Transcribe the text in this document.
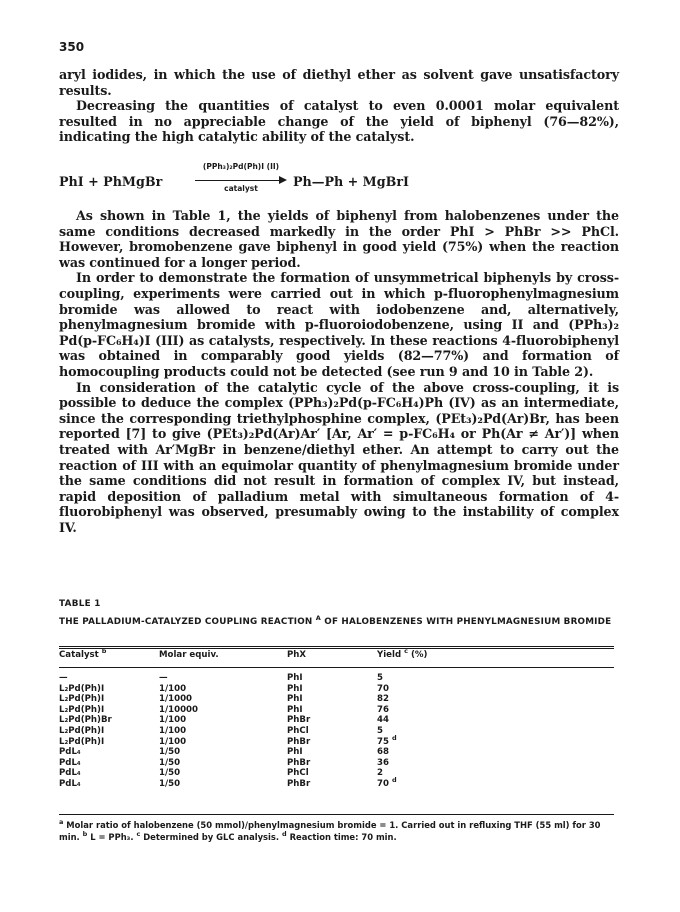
350

aryl iodides, in which the use of diethyl ether as solvent gave unsatisfactory results.

Decreasing the quantities of catalyst to even 0.0001 molar equivalent resulted in no appreciable change of the yield of biphenyl (76—82%), indicating the high catalytic ability of the catalyst.

PhI + PhMgBr
(PPh₃)₂Pd(Ph)I (II)
catalyst	Ph—Ph + MgBrI

As shown in Table 1, the yields of biphenyl from halobenzenes under the same conditions decreased markedly in the order PhI > PhBr >> PhCl. However, bromobenzene gave biphenyl in good yield (75%) when the reaction was continued for a longer period.

In order to demonstrate the formation of unsymmetrical biphenyls by cross-coupling, experiments were carried out in which p-fluorophenylmagnesium bromide was allowed to react with iodobenzene and, alternatively, phenylmagnesium bromide with p-fluoroiodobenzene, using II and (PPh₃)₂ Pd(p-FC₆H₄)I (III) as catalysts, respectively. In these reactions 4-fluorobiphenyl was obtained in comparably good yields (82—77%) and formation of homocoupling products could not be detected (see run 9 and 10 in Table 2).

In consideration of the catalytic cycle of the above cross-coupling, it is possible to deduce the complex (PPh₃)₂Pd(p-FC₆H₄)Ph (IV) as an intermediate, since the corresponding triethylphosphine complex, (PEt₃)₂Pd(Ar)Br, has been reported [7] to give (PEt₃)₂Pd(Ar)Ar′ [Ar, Ar′ = p-FC₆H₄ or Ph(Ar ≠ Ar′)] when treated with Ar′MgBr in benzene/diethyl ether. An attempt to carry out the reaction of III with an equimolar quantity of phenylmagnesium bromide under the same conditions did not result in formation of complex IV, but instead, rapid deposition of palladium metal with simultaneous formation of 4-fluorobiphenyl was observed, presumably owing to the instability of complex IV.

TABLE 1
THE PALLADIUM-CATALYZED COUPLING REACTION $^A$ OF HALOBENZENES WITH PHENYLMAGNESIUM BROMIDE
Catalyst $^b$	Molar equiv.	PhX	Yield $^c$ (%)
—	—	PhI	5
L₂Pd(Ph)I	1/100	PhI	70
L₂Pd(Ph)I	1/1000	PhI	82
L₂Pd(Ph)I	1/10000	PhI	76
L₂Pd(Ph)Br	1/100	PhBr	44
L₂Pd(Ph)I	1/100	PhCl	5
L₂Pd(Ph)I	1/100	PhBr	75 $^d$
PdL₄	1/50	PhI	68
PdL₄	1/50	PhBr	36
PdL₄	1/50	PhCl	2
PdL₄	1/50	PhBr	70 $^d$
$^a$ Molar ratio of halobenzene (50 mmol)/phenylmagnesium bromide = 1. Carried out in refluxing THF (55 ml) for 30 min. $^b$ L = PPh₃. $^c$ Determined by GLC analysis. $^d$ Reaction time: 70 min.
